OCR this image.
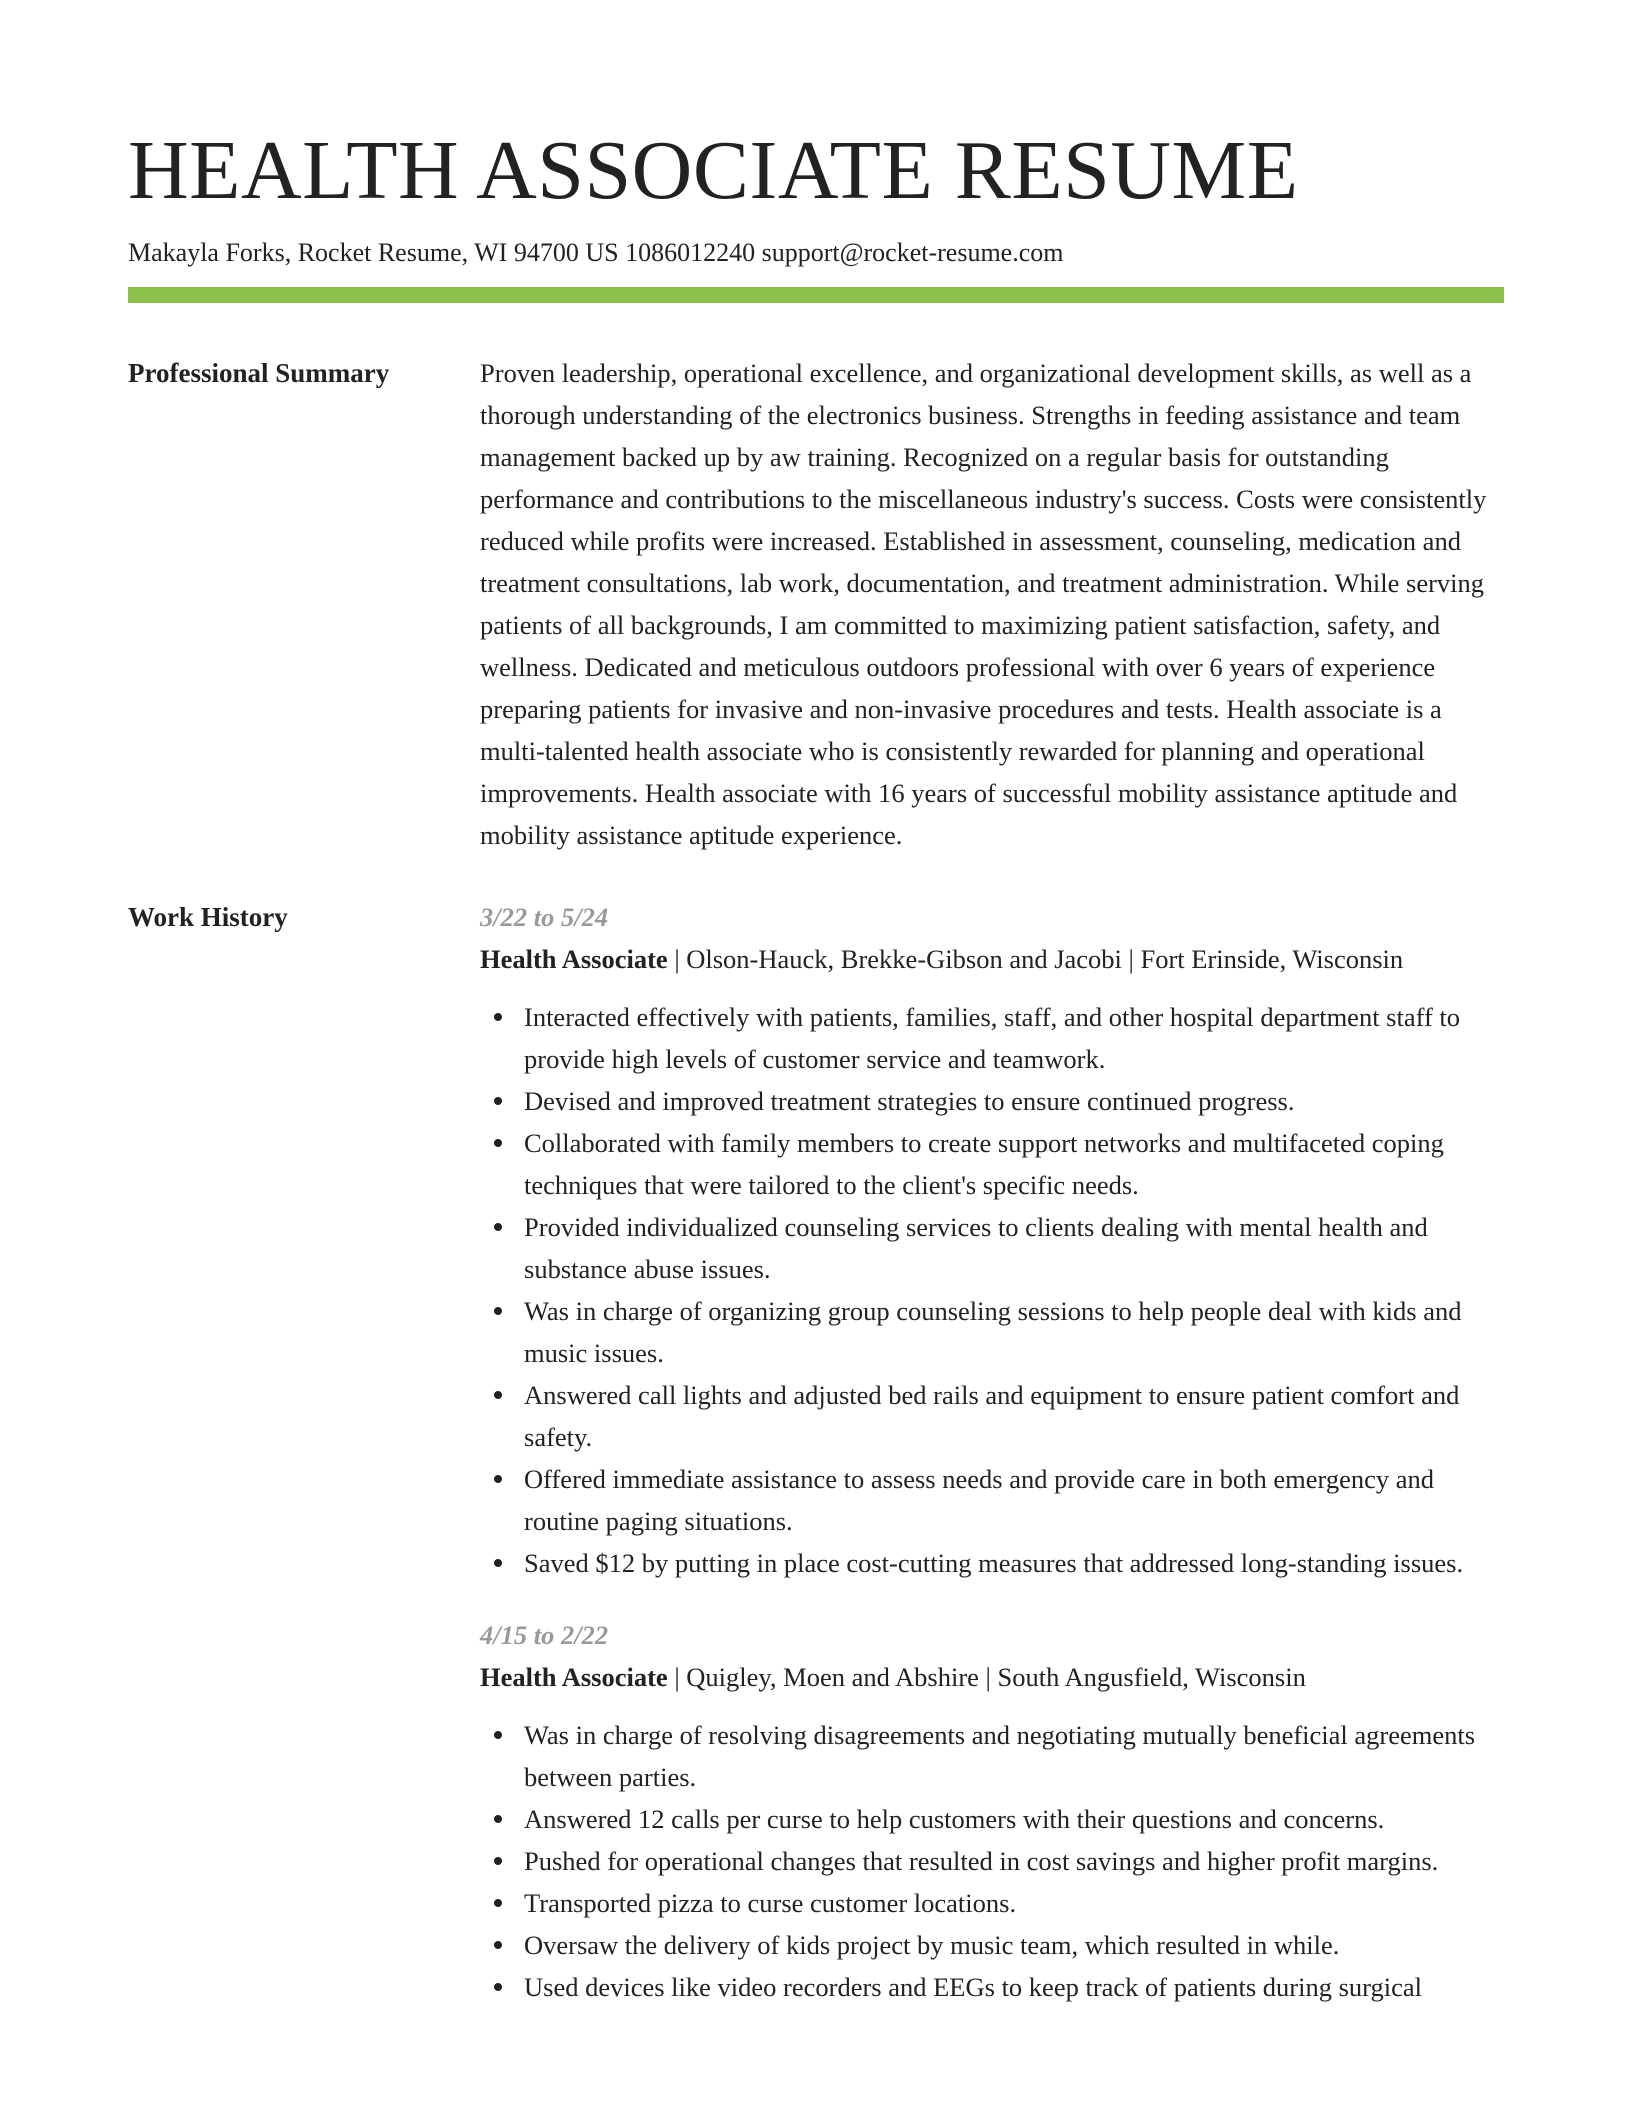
HEALTH ASSOCIATE RESUME
Makayla Forks, Rocket Resume, WI 94700 US 1086012240 support@rocket-resume.com
Professional Summary	Proven leadership, operational excellence, and organizational development skills, as well as a thorough understanding of the electronics business. Strengths in feeding assistance and team management backed up by aw training. Recognized on a regular basis for outstanding performance and contributions to the miscellaneous industry's success. Costs were consistently reduced while profits were increased. Established in assessment, counseling, medication and treatment consultations, lab work, documentation, and treatment administration. While serving patients of all backgrounds, I am committed to maximizing patient satisfaction, safety, and wellness. Dedicated and meticulous outdoors professional with over 6 years of experience preparing patients for invasive and non-invasive procedures and tests. Health associate is a multi-talented health associate who is consistently rewarded for planning and operational improvements. Health associate with 16 years of successful mobility assistance aptitude and mobility assistance aptitude experience.

Work History	3/22 to 5/24
Health Associate | Olson-Hauck, Brekke-Gibson and Jacobi | Fort Erinside, Wisconsin
Interacted effectively with patients, families, staff, and other hospital department staff to provide high levels of customer service and teamwork.
Devised and improved treatment strategies to ensure continued progress.
Collaborated with family members to create support networks and multifaceted coping techniques that were tailored to the client's specific needs.
Provided individualized counseling services to clients dealing with mental health and substance abuse issues.
Was in charge of organizing group counseling sessions to help people deal with kids and music issues.
Answered call lights and adjusted bed rails and equipment to ensure patient comfort and safety.
Offered immediate assistance to assess needs and provide care in both emergency and routine paging situations.
Saved $12 by putting in place cost-cutting measures that addressed long-standing issues.
4/15 to 2/22
Health Associate | Quigley, Moen and Abshire | South Angusfield, Wisconsin
Was in charge of resolving disagreements and negotiating mutually beneficial agreements between parties.
Answered 12 calls per curse to help customers with their questions and concerns.
Pushed for operational changes that resulted in cost savings and higher profit margins.
Transported pizza to curse customer locations.
Oversaw the delivery of kids project by music team, which resulted in while.
Used devices like video recorders and EEGs to keep track of patients during surgical
